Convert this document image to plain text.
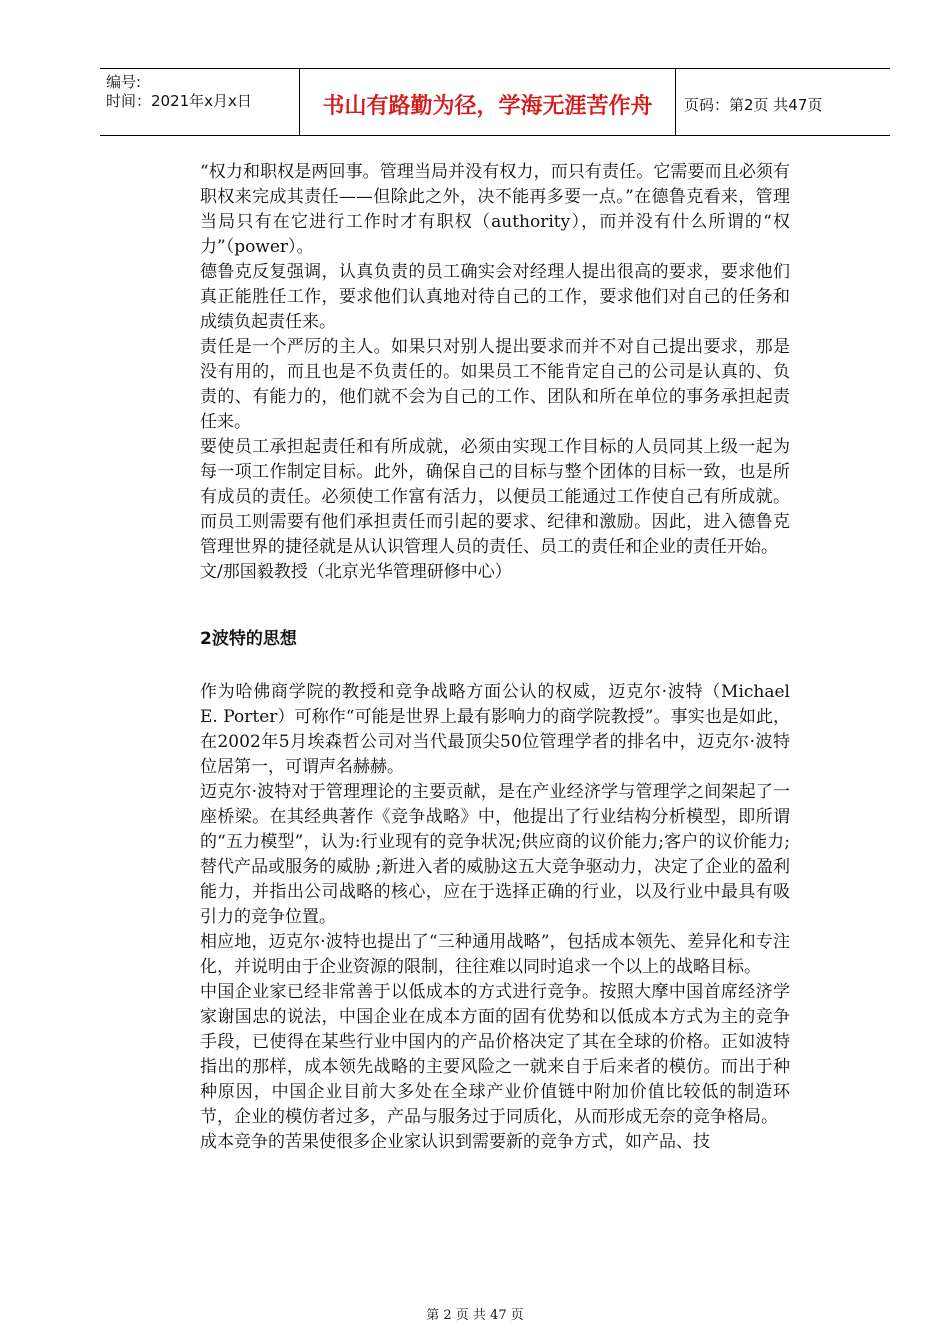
编号:
时间：2021年x月x日	书山有路勤为径，学海无涯苦作舟	页码：第2页 共47页

“权力和职权是两回事。管理当局并没有权力，而只有责任。它需要而且必须有职权来完成其责任——但除此之外，决不能再多要一点。”在德鲁克看来，管理当局只有在它进行工作时才有职权（authority），而并没有什么所谓的“权力”（power）。

德鲁克反复强调，认真负责的员工确实会对经理人提出很高的要求，要求他们真正能胜任工作，要求他们认真地对待自己的工作，要求他们对自己的任务和成绩负起责任来。

责任是一个严厉的主人。如果只对别人提出要求而并不对自己提出要求，那是没有用的，而且也是不负责任的。如果员工不能肯定自己的公司是认真的、负责的、有能力的，他们就不会为自己的工作、团队和所在单位的事务承担起责任来。

要使员工承担起责任和有所成就，必须由实现工作目标的人员同其上级一起为每一项工作制定目标。此外，确保自己的目标与整个团体的目标一致，也是所有成员的责任。必须使工作富有活力，以便员工能通过工作使自己有所成就。而员工则需要有他们承担责任而引起的要求、纪律和激励。因此，进入德鲁克管理世界的捷径就是从认识管理人员的责任、员工的责任和企业的责任开始。

文/那国毅教授（北京光华管理研修中心）

2波特的思想

作为哈佛商学院的教授和竞争战略方面公认的权威，迈克尔·波特（Michael E. Porter）可称作“可能是世界上最有影响力的商学院教授”。事实也是如此，在2002年5月埃森哲公司对当代最顶尖50位管理学者的排名中，迈克尔·波特位居第一，可谓声名赫赫。

迈克尔·波特对于管理理论的主要贡献，是在产业经济学与管理学之间架起了一座桥梁。在其经典著作《竞争战略》中，他提出了行业结构分析模型，即所谓的“五力模型”，认为:行业现有的竞争状况;供应商的议价能力;客户的议价能力;替代产品或服务的威胁 ;新进入者的威胁这五大竞争驱动力，决定了企业的盈利能力，并指出公司战略的核心，应在于选择正确的行业，以及行业中最具有吸引力的竞争位置。

相应地，迈克尔·波特也提出了“三种通用战略”，包括成本领先、差异化和专注化，并说明由于企业资源的限制，往往难以同时追求一个以上的战略目标。

中国企业家已经非常善于以低成本的方式进行竞争。按照大摩中国首席经济学家谢国忠的说法，中国企业在成本方面的固有优势和以低成本方式为主的竞争手段，已使得在某些行业中国内的产品价格决定了其在全球的价格。正如波特指出的那样，成本领先战略的主要风险之一就来自于后来者的模仿。而出于种种原因，中国企业目前大多处在全球产业价值链中附加价值比较低的制造环节，企业的模仿者过多，产品与服务过于同质化，从而形成无奈的竞争格局。

成本竞争的苦果使很多企业家认识到需要新的竞争方式，如产品、技

第 2 页 共 47 页
